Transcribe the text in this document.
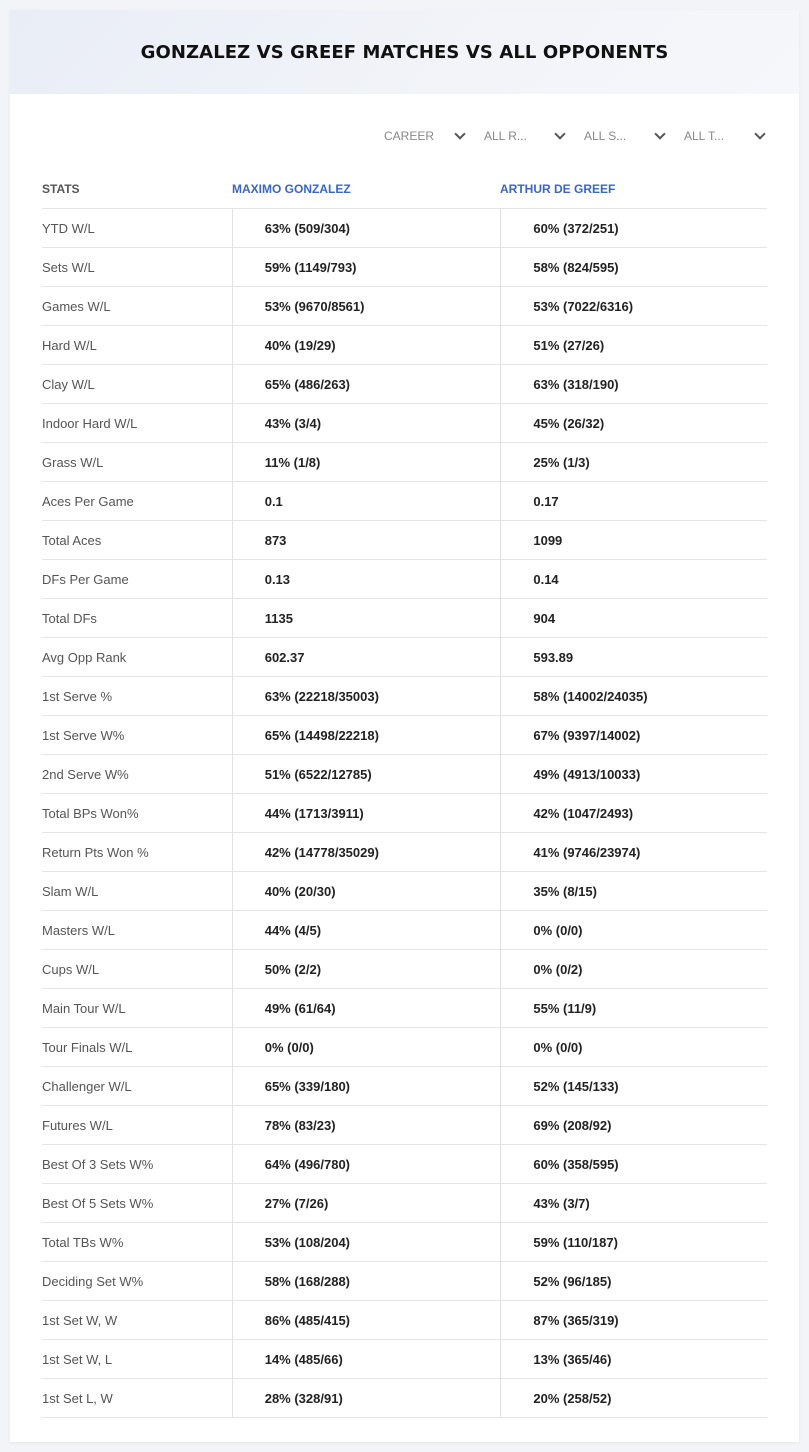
GONZALEZ VS GREEF MATCHES VS ALL OPPONENTS
CAREER	ALL R...	ALL S...	ALL T...
STATS	MAXIMO GONZALEZ	ARTHUR DE GREEF
YTD W/L	63% (509/304)	60% (372/251)
Sets W/L	59% (1149/793)	58% (824/595)
Games W/L	53% (9670/8561)	53% (7022/6316)
Hard W/L	40% (19/29)	51% (27/26)
Clay W/L	65% (486/263)	63% (318/190)
Indoor Hard W/L	43% (3/4)	45% (26/32)
Grass W/L	11% (1/8)	25% (1/3)
Aces Per Game	0.1	0.17
Total Aces	873	1099
DFs Per Game	0.13	0.14
Total DFs	1135	904
Avg Opp Rank	602.37	593.89
1st Serve %	63% (22218/35003)	58% (14002/24035)
1st Serve W%	65% (14498/22218)	67% (9397/14002)
2nd Serve W%	51% (6522/12785)	49% (4913/10033)
Total BPs Won%	44% (1713/3911)	42% (1047/2493)
Return Pts Won %	42% (14778/35029)	41% (9746/23974)
Slam W/L	40% (20/30)	35% (8/15)
Masters W/L	44% (4/5)	0% (0/0)
Cups W/L	50% (2/2)	0% (0/2)
Main Tour W/L	49% (61/64)	55% (11/9)
Tour Finals W/L	0% (0/0)	0% (0/0)
Challenger W/L	65% (339/180)	52% (145/133)
Futures W/L	78% (83/23)	69% (208/92)
Best Of 3 Sets W%	64% (496/780)	60% (358/595)
Best Of 5 Sets W%	27% (7/26)	43% (3/7)
Total TBs W%	53% (108/204)	59% (110/187)
Deciding Set W%	58% (168/288)	52% (96/185)
1st Set W, W	86% (485/415)	87% (365/319)
1st Set W, L	14% (485/66)	13% (365/46)
1st Set L, W	28% (328/91)	20% (258/52)
